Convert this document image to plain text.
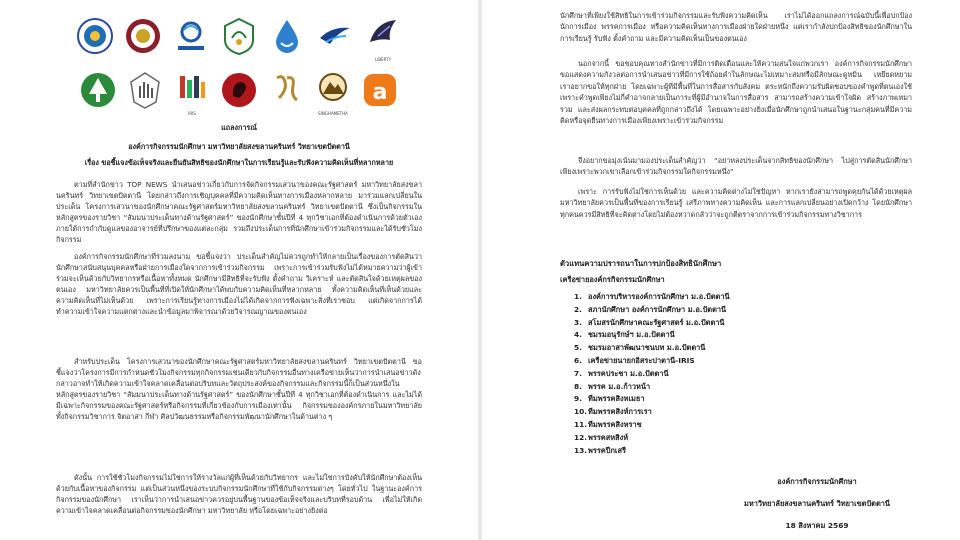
LIBERTY
IRIS	SINGHAMETHA
a
แถลงการณ์
องค์การกิจกรรมนักศึกษา มหาวิทยาลัยสงขลานครินทร์ วิทยาเขตปัตตานี
เรื่อง ขอชี้แจงข้อเท็จจริงและยืนยันสิทธิของนักศึกษาในการเรียนรู้และรับฟังความคิดเห็นที่หลากหลาย

ตามที่สำนักข่าว TOP NEWS นำเสนอข่าวเกี่ยวกับการจัดกิจกรรมเสวนาของคณะรัฐศาสตร์ มหาวิทยาลัยสงขลานครินทร์ วิทยาเขตปัตตานี โดยกล่าวถึงการเชิญบุคคลที่มีความคิดเห็นทางการเมืองหลากหลาย มาร่วมแลกเปลี่ยนในประเด็น โครงการเสวนาของนักศึกษาคณะรัฐศาสตร์มหาวิทยาลัยสงขลานครินทร์ วิทยาเขตปัตตานี ซึ่งเป็นกิจกรรมในหลักสูตรของรายวิชา “สัมมนาประเด็นทางด้านรัฐศาสตร์” ของนักศึกษาชั้นปีที่ 4 ทุกวิชาเอกที่ต้องดำเนินการด้วยตัวเองภายใต้การกำกับดูแลของอาจารย์ที่ปรึกษาของแต่ละกลุ่ม รวมถึงประเด็นการที่นักศึกษาเข้าร่วมกิจกรรมและได้รับชั่วโมงกิจกรรม

องค์การกิจกรรมนักศึกษาที่ร่วมลงนาม ขอชี้แจงว่า ประเด็นสำคัญไม่ควรถูกทำให้กลายเป็นเรื่องของการตัดสินว่านักศึกษาสนับสนุนบุคคลหรือฝ่ายการเมืองใดจากการเข้าร่วมกิจกรรม เพราะการเข้าร่วมรับฟังไม่ได้หมายความว่าผู้เข้าร่วมจะเห็นด้วยกับวิทยากรหรือเนื้อหาทั้งหมด นักศึกษามีสิทธิที่จะรับฟัง ตั้งคำถาม วิเคราะห์ และตัดสินใจด้วยเหตุผลของตนเอง มหาวิทยาลัยควรเป็นพื้นที่ที่เปิดให้นักศึกษาได้พบกับความคิดเห็นที่หลากหลาย ทั้งความคิดเห็นที่เห็นด้วยและความคิดเห็นที่ไม่เห็นด้วย เพราะการเรียนรู้ทางการเมืองไม่ได้เกิดจากการฟังเฉพาะสิ่งที่เราชอบ แต่เกิดจากการได้ทำความเข้าใจความแตกต่างและนำข้อมูลมาพิจารณาด้วยวิจารณญาณของตนเอง

สำหรับประเด็น โครงการเสวนาของนักศึกษาคณะรัฐศาสตร์มหาวิทยาลัยสงขลานครินทร์ วิทยาเขตปัตตานี ขอชี้แจงว่าโครงการมีการกำหนดชั่วโมงกิจกรรมทุกกิจกรรมเช่นเดียวกับกิจกรรมอื่นทางเครือข่ายเห็นว่าการนำเสนอข่าวดังกล่าวอาจทำให้เกิดความเข้าใจคลาดเคลื่อนต่อบริบทและวัตถุประสงค์ของกิจกรรมและกิจกรรมนี้ก็เป็นส่วนหนึ่งในหลักสูตรของรายวิชา “สัมมนาประเด็นทางด้านรัฐศาสตร์” ของนักศึกษาชั้นปีที่ 4 ทุกวิชาเอกที่ต้องดำเนินการ และไม่ได้มีเฉพาะกิจกรรมของคณะรัฐศาสตร์หรือกิจกรรมที่เกี่ยวข้องกับการเมืองเท่านั้น กิจกรรมขององค์กรภายในมหาวิทยาลัย ทั้งกิจกรรมวิชาการ จิตอาสา กีฬา ศิลปวัฒนธรรมหรือกิจกรรมพัฒนานักศึกษาในด้านต่าง ๆ

ดังนั้น การใช้ชั่วโมงกิจกรรมไม่ใช่การให้รางวัลแก่ผู้ที่เห็นด้วยกับวิทยากร และไม่ใช่การบังคับให้นักศึกษาต้องเห็นด้วยกับเนื้อหาของกิจกรรม แต่เป็นส่วนหนึ่งของระบบกิจกรรมนักศึกษาที่ใช้กับกิจกรรมต่างๆ โดยทั่วไป ในฐานะองค์การกิจกรรมของนักศึกษา เราเห็นว่าการนำเสนอข่าวควรอยู่บนพื้นฐานของข้อเท็จจริงและบริบทที่รอบด้าน เพื่อไม่ให้เกิดความเข้าใจคลาดเคลื่อนต่อกิจกรรมของนักศึกษา มหาวิทยาลัย หรือโดยเฉพาะอย่างยิ่งต่อ

นักศึกษาที่เพียงใช้สิทธิในการเข้าร่วมกิจกรรมและรับฟังความคิดเห็น เราไม่ได้ออกแถลงการณ์ฉบับนี้เพื่อปกป้องนักการเมือง พรรคการเมือง หรือความคิดเห็นทางการเมืองฝ่ายใดฝ่ายหนึ่ง แต่เรากำลังปกป้องสิทธิของนักศึกษาในการเรียนรู้ รับฟัง ตั้งคำถาม และมีความคิดเห็นเป็นของตนเอง

นอกจากนี้ ขอขอบคุณทางสำนักข่าวที่มีการติดเตือนและให้ความสนใจแก่พวกเรา องค์การกิจกรรมนักศึกษาขอแสดงความกังวลต่อการนำเสนอข่าวที่มีการใช้ถ้อยคำในลักษณะไม่เหมาะสมหรือมีลักษณะดูหมิ่น เหยียดหยามเราอยากขอให้ทุกฝ่าย โดยเฉพาะผู้ที่มีพื้นที่ในการสื่อสารกับสังคม ตระหนักถึงความรับผิดชอบของคำพูดที่ตนเองใช้ เพราะคำพูดเพียงไม่กี่คำอาจกลายเป็นภาระที่ผู้มีอำนาจในการสื่อสาร สามารถสร้างความเข้าใจผิด สร้างภาพเหมารวม และส่งผลกระทบต่อบุคคลที่ถูกกล่าวถึงได้ โดยเฉพาะอย่างยิ่งเมื่อนักศึกษาถูกนำเสนอในฐานะกลุ่มคนที่มีความคิดหรือจุดยืนทางการเมืองเพียงเพราะเข้าร่วมกิจกรรม

จึงอยากขอมุ่งเน้นมามองประเด็นสำคัญว่า “อย่าหลงประเด็นจากสิทธิของนักศึกษา ไปสู่การตัดสินนักศึกษาเพียงเพราะพวกเขาเลือกเข้าร่วมกิจกรรมใดกิจกรรมหนึ่ง”

เพราะ การรับฟังไม่ใช่การเห็นด้วย และความคิดต่างไม่ใช่ปัญหา หากเรายังสามารถพูดคุยกันได้ด้วยเหตุผล มหาวิทยาลัยควรเป็นพื้นที่ของการเรียนรู้ เสรีภาพทางความคิดเห็น และการแลกเปลี่ยนอย่างเปิดกว้าง โดยนักศึกษาทุกคนควรมีสิทธิที่จะคิดต่างโดยไม่ต้องหวาดกลัวว่าจะถูกตีตราจากการเข้าร่วมกิจกรรมทางวิชาการ

ตัวแทนความปรารถนาในการปกป้องสิทธินักศึกษา
เครือข่ายองค์กรกิจกรรมนักศึกษา
1. องค์การบริหารองค์การนักศึกษา ม.อ.ปัตตานี
2. สภานักศึกษา องค์การนักศึกษา ม.อ.ปัตตานี
3. สโมสรนักศึกษาคณะรัฐศาสตร์ ม.อ.ปัตตานี
4. ชมรมอนุรักษ์ฯ ม.อ.ปัตตานี
5. ชมรมอาสาพัฒนาชนบท ม.อ.ปัตตานี
6. เครือข่ายนายกอิสระปาตานี-IRIS
7. พรรคประชา ม.อ.ปัตตานี
8. พรรค ม.อ.ก้าวหน้า
9. ทีมพรรคสิงหเมธา
10.ทีมพรรคสิงห์การเรา
11.ทีมพรรคสิงหราช
12.พรรคสหสิงห์
13.พรรคปีกเสรี
องค์การกิจกรรมนักศึกษา
มหาวิทยาลัยสงขลานครินทร์ วิทยาเขตปัตตานี
18 สิงหาคม 2569
